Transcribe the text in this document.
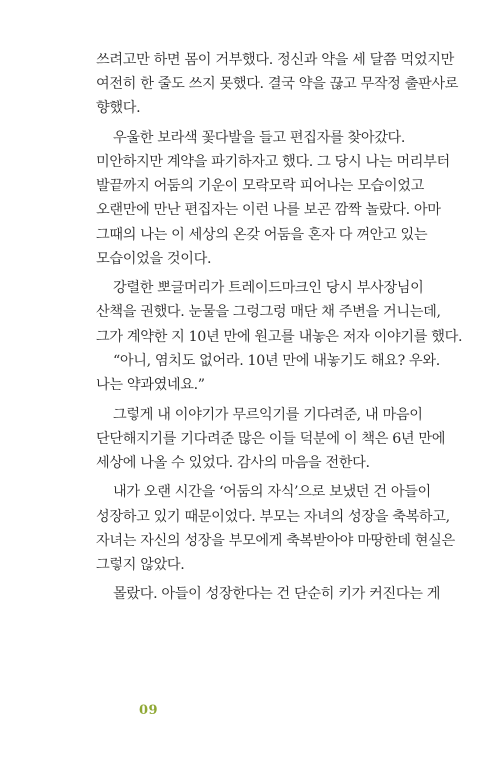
쓰려고만 하면 몸이 거부했다. 정신과 약을 세 달쯤 먹었지만
여전히 한 줄도 쓰지 못했다. 결국 약을 끊고 무작정 출판사로
향했다.
우울한 보라색 꽃다발을 들고 편집자를 찾아갔다.
미안하지만 계약을 파기하자고 했다. 그 당시 나는 머리부터
발끝까지 어둠의 기운이 모락모락 피어나는 모습이었고
오랜만에 만난 편집자는 이런 나를 보곤 깜짝 놀랐다. 아마
그때의 나는 이 세상의 온갖 어둠을 혼자 다 껴안고 있는
모습이었을 것이다.
강렬한 뽀글머리가 트레이드마크인 당시 부사장님이
산책을 권했다. 눈물을 그렁그렁 매단 채 주변을 거니는데,
그가 계약한 지 10년 만에 원고를 내놓은 저자 이야기를 했다.
“아니, 염치도 없어라. 10년 만에 내놓기도 해요? 우와.
나는 약과였네요.”
그렇게 내 이야기가 무르익기를 기다려준, 내 마음이
단단해지기를 기다려준 많은 이들 덕분에 이 책은 6년 만에
세상에 나올 수 있었다. 감사의 마음을 전한다.
내가 오랜 시간을 ‘어둠의 자식’으로 보냈던 건 아들이
성장하고 있기 때문이었다. 부모는 자녀의 성장을 축복하고,
자녀는 자신의 성장을 부모에게 축복받아야 마땅한데 현실은
그렇지 않았다.
몰랐다. 아들이 성장한다는 건 단순히 키가 커진다는 게
09
